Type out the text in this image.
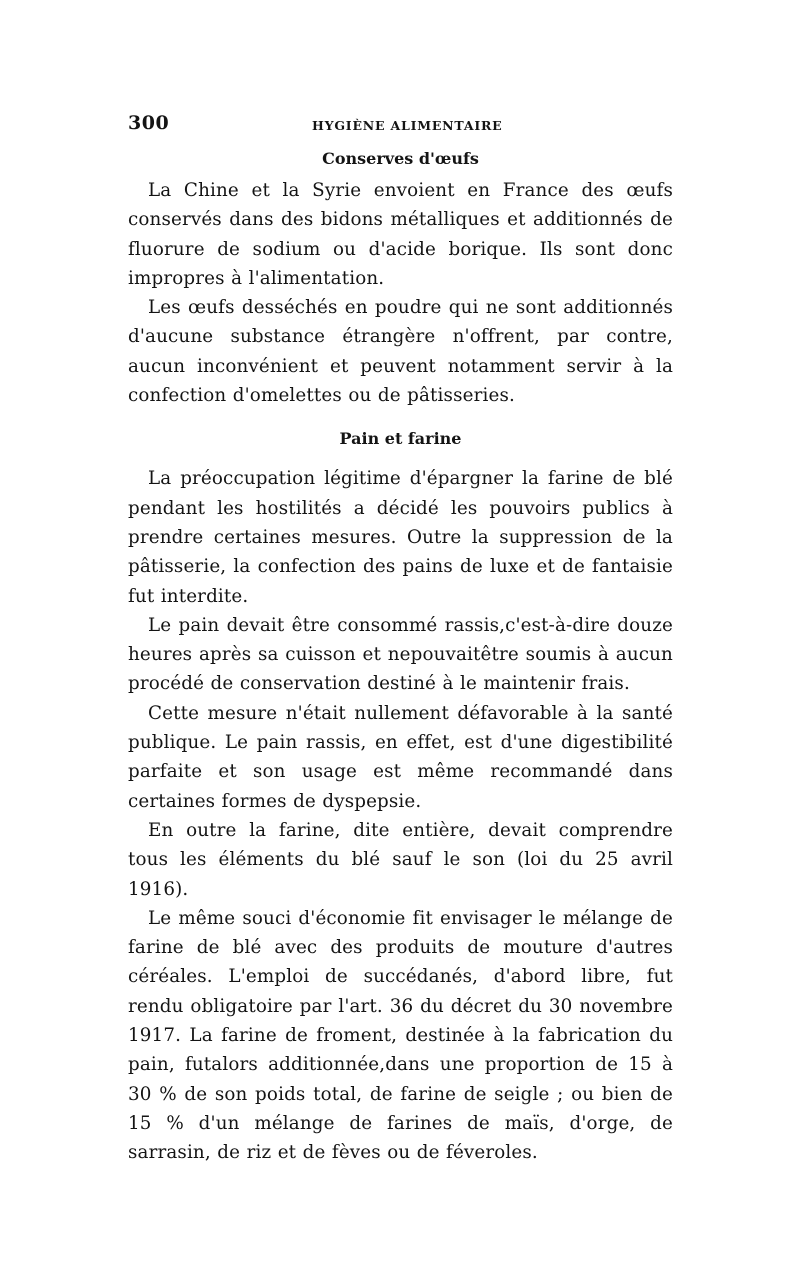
300	HYGIÈNE ALIMENTAIRE
Conserves d'œufs

La Chine et la Syrie envoient en France des œufs conservés dans des bidons métalliques et additionnés de fluorure de sodium ou d'acide borique. Ils sont donc impropres à l'alimentation.

Les œufs desséchés en poudre qui ne sont additionnés d'aucune substance étrangère n'offrent, par contre, aucun inconvénient et peuvent notamment servir à la confection d'omelettes ou de pâtisseries.

Pain et farine

La préoccupation légitime d'épargner la farine de blé pendant les hostilités a décidé les pouvoirs publics à prendre certaines mesures. Outre la suppression de la pâtisserie, la confection des pains de luxe et de fantaisie fut interdite.

Le pain devait être consommé rassis,c'est-à-dire douze heures après sa cuisson et nepouvaitêtre soumis à aucun procédé de conservation destiné à le maintenir frais.

Cette mesure n'était nullement défavorable à la santé publique. Le pain rassis, en effet, est d'une digestibilité parfaite et son usage est même recommandé dans certaines formes de dyspepsie.

En outre la farine, dite entière, devait comprendre tous les éléments du blé sauf le son (loi du 25 avril 1916).

Le même souci d'économie fit envisager le mélange de farine de blé avec des produits de mouture d'autres céréales. L'emploi de succédanés, d'abord libre, fut rendu obligatoire par l'art. 36 du décret du 30 novembre 1917. La farine de froment, destinée à la fabrication du pain, futalors additionnée,dans une proportion de 15 à 30 % de son poids total, de farine de seigle ; ou bien de 15 % d'un mélange de farines de maïs, d'orge, de sarrasin, de riz et de fèves ou de féveroles.
